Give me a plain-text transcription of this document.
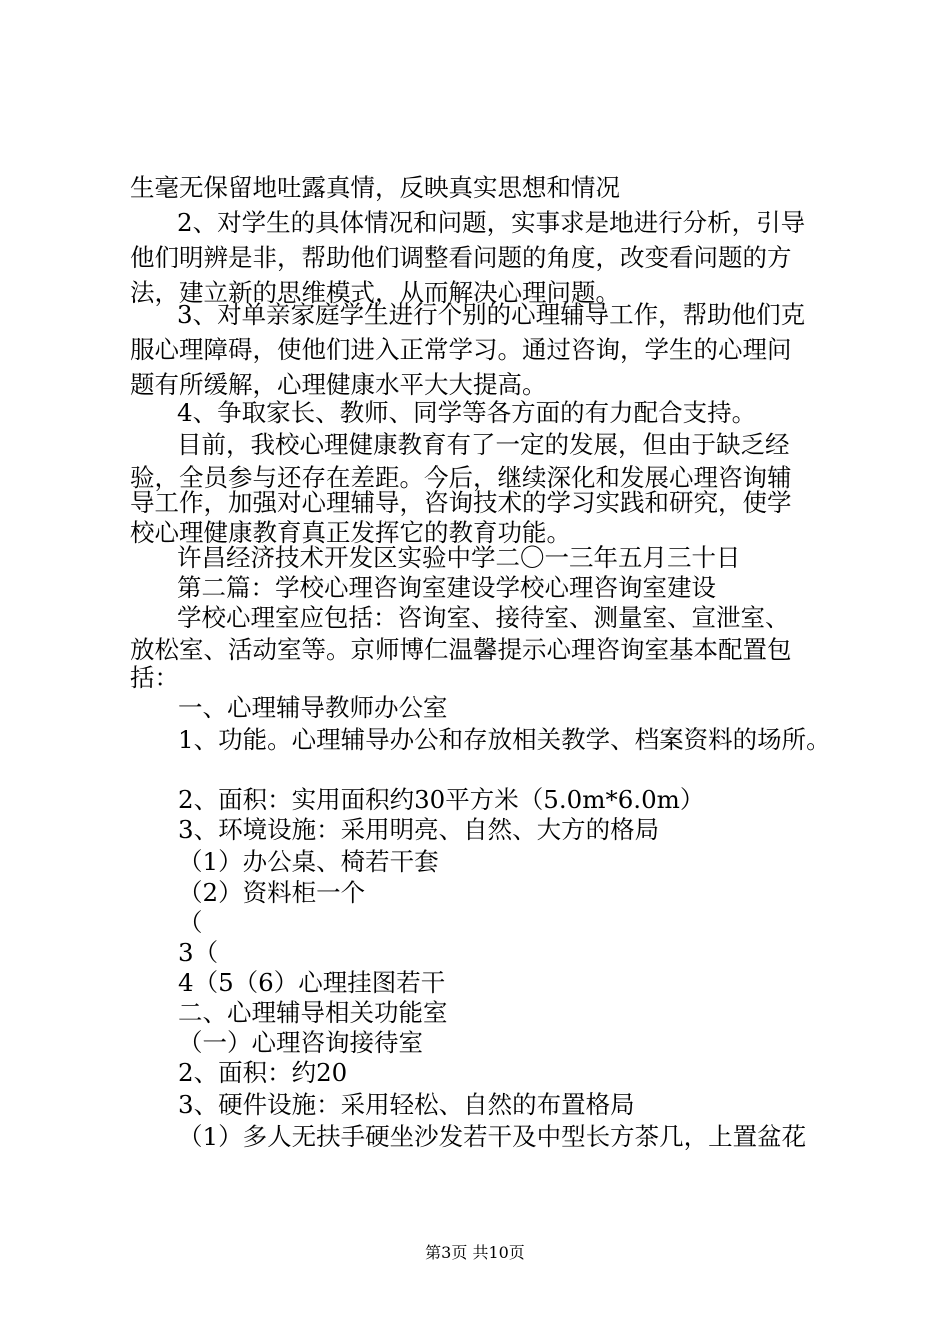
生毫无保留地吐露真情，反映真实思想和情况
2、对学生的具体情况和问题，实事求是地进行分析，引导
他们明辨是非，帮助他们调整看问题的角度，改变看问题的方
法，建立新的思维模式，从而解决心理问题。
3、对单亲家庭学生进行个别的心理辅导工作，帮助他们克
服心理障碍，使他们进入正常学习。通过咨询，学生的心理问
题有所缓解，心理健康水平大大提高。
4、争取家长、教师、同学等各方面的有力配合支持。
目前，我校心理健康教育有了一定的发展，但由于缺乏经
验，全员参与还存在差距。今后，继续深化和发展心理咨询辅
导工作，加强对心理辅导，咨询技术的学习实践和研究，使学
校心理健康教育真正发挥它的教育功能。
许昌经济技术开发区实验中学二〇一三年五月三十日
第二篇：学校心理咨询室建设学校心理咨询室建设
学校心理室应包括：咨询室、接待室、测量室、宣泄室、
放松室、活动室等。京师博仁温馨提示心理咨询室基本配置包
括：
一、心理辅导教师办公室
1、功能。心理辅导办公和存放相关教学、档案资料的场所。
2、面积：实用面积约30平方米（5.0m*6.0m）
3、环境设施：采用明亮、自然、大方的格局
（1）办公桌、椅若干套
（2）资料柜一个
（
3（
4（5（6）心理挂图若干
二、心理辅导相关功能室
（一）心理咨询接待室
2、面积：约20
3、硬件设施：采用轻松、自然的布置格局
（1）多人无扶手硬坐沙发若干及中型长方茶几，上置盆花
第3页 共10页
